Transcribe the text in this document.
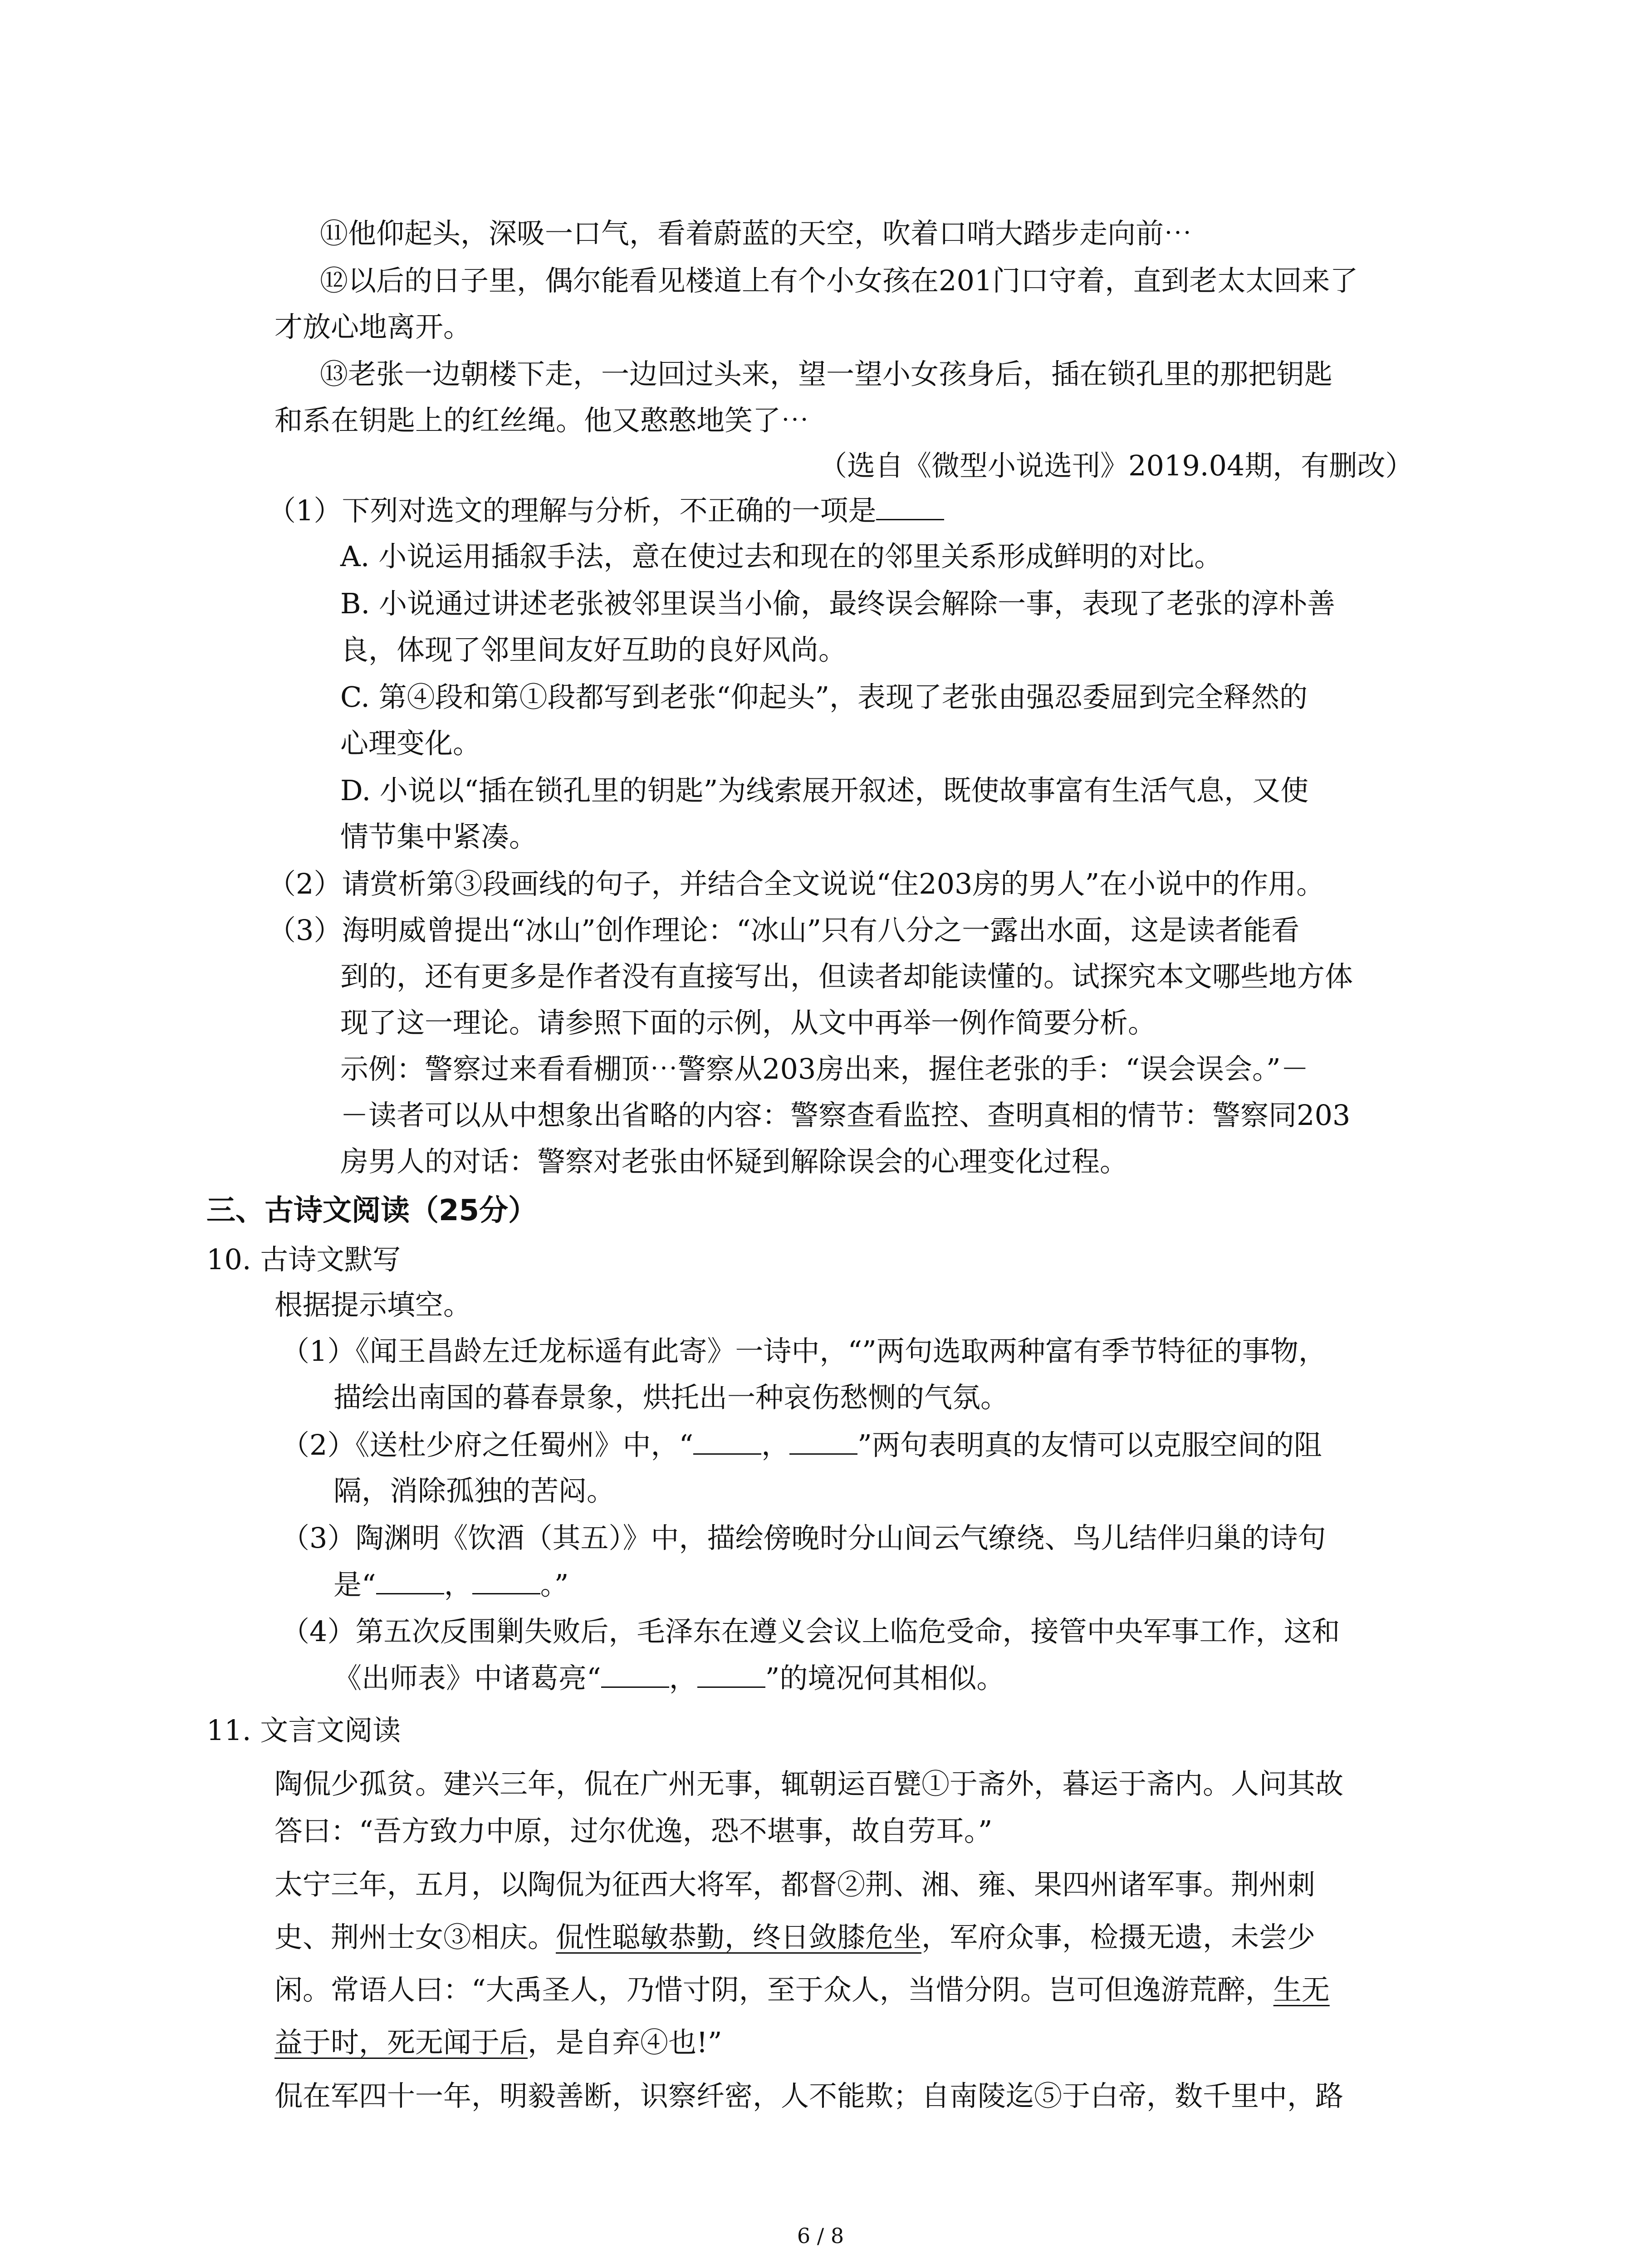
⑪他仰起头，深吸一口气，看着蔚蓝的天空，吹着口哨大踏步走向前⋯
⑫以后的日子里，偶尔能看见楼道上有个小女孩在201门口守着，直到老太太回来了
才放心地离开。
⑬老张一边朝楼下走，一边回过头来，望一望小女孩身后，插在锁孔里的那把钥匙
和系在钥匙上的红丝绳。他又憨憨地笑了⋯
（选自《微型小说选刊》2019.04期，有删改）
（1）下列对选文的理解与分析，不正确的一项是
A. 小说运用插叙手法，意在使过去和现在的邻里关系形成鲜明的对比。
B. 小说通过讲述老张被邻里误当小偷，最终误会解除一事，表现了老张的淳朴善
良，体现了邻里间友好互助的良好风尚。
C. 第④段和第①段都写到老张“仰起头”，表现了老张由强忍委屈到完全释然的
心理变化。
D. 小说以“插在锁孔里的钥匙”为线索展开叙述，既使故事富有生活气息，又使
情节集中紧凑。
（2）请赏析第③段画线的句子，并结合全文说说“住203房的男人”在小说中的作用。
（3）海明威曾提出“冰山”创作理论：“冰山”只有八分之一露出水面，这是读者能看
到的，还有更多是作者没有直接写出，但读者却能读懂的。试探究本文哪些地方体
现了这一理论。请参照下面的示例，从文中再举一例作简要分析。
示例：警察过来看看棚顶⋯警察从203房出来，握住老张的手：“误会误会。”－
－读者可以从中想象出省略的内容：警察查看监控、查明真相的情节：警察同203
房男人的对话：警察对老张由怀疑到解除误会的心理变化过程。
三、古诗文阅读（25分）
10. 古诗文默写
根据提示填空。
（1）《闻王昌龄左迁龙标遥有此寄》一诗中，“”两句选取两种富有季节特征的事物，
描绘出南国的暮春景象，烘托出一种哀伤愁恻的气氛。
（2）《送杜少府之任蜀州》中，“ ， ”两句表明真的友情可以克服空间的阻
隔，消除孤独的苦闷。
（3）陶渊明《饮酒（其五）》中，描绘傍晚时分山间云气缭绕、鸟儿结伴归巢的诗句
是“ ， 。”
（4）第五次反围剿失败后，毛泽东在遵义会议上临危受命，接管中央军事工作，这和
《出师表》中诸葛亮“ ， ”的境况何其相似。
11. 文言文阅读
陶侃少孤贫。建兴三年，侃在广州无事，辄朝运百甓①于斋外，暮运于斋内。人问其故
答曰：“吾方致力中原，过尔优逸，恐不堪事，故自劳耳。”
太宁三年，五月，以陶侃为征西大将军，都督②荆、湘、雍、果四州诸军事。荆州刺
史、荆州士女③相庆。侃性聪敏恭勤，终日敛膝危坐，军府众事，检摄无遗，未尝少
闲。常语人曰：“大禹圣人，乃惜寸阴，至于众人，当惜分阴。岂可但逸游荒醉，生无
益于时，死无闻于后，是自弃④也!”
侃在军四十一年，明毅善断，识察纤密，人不能欺；自南陵迄⑤于白帝，数千里中，路
6 / 8
